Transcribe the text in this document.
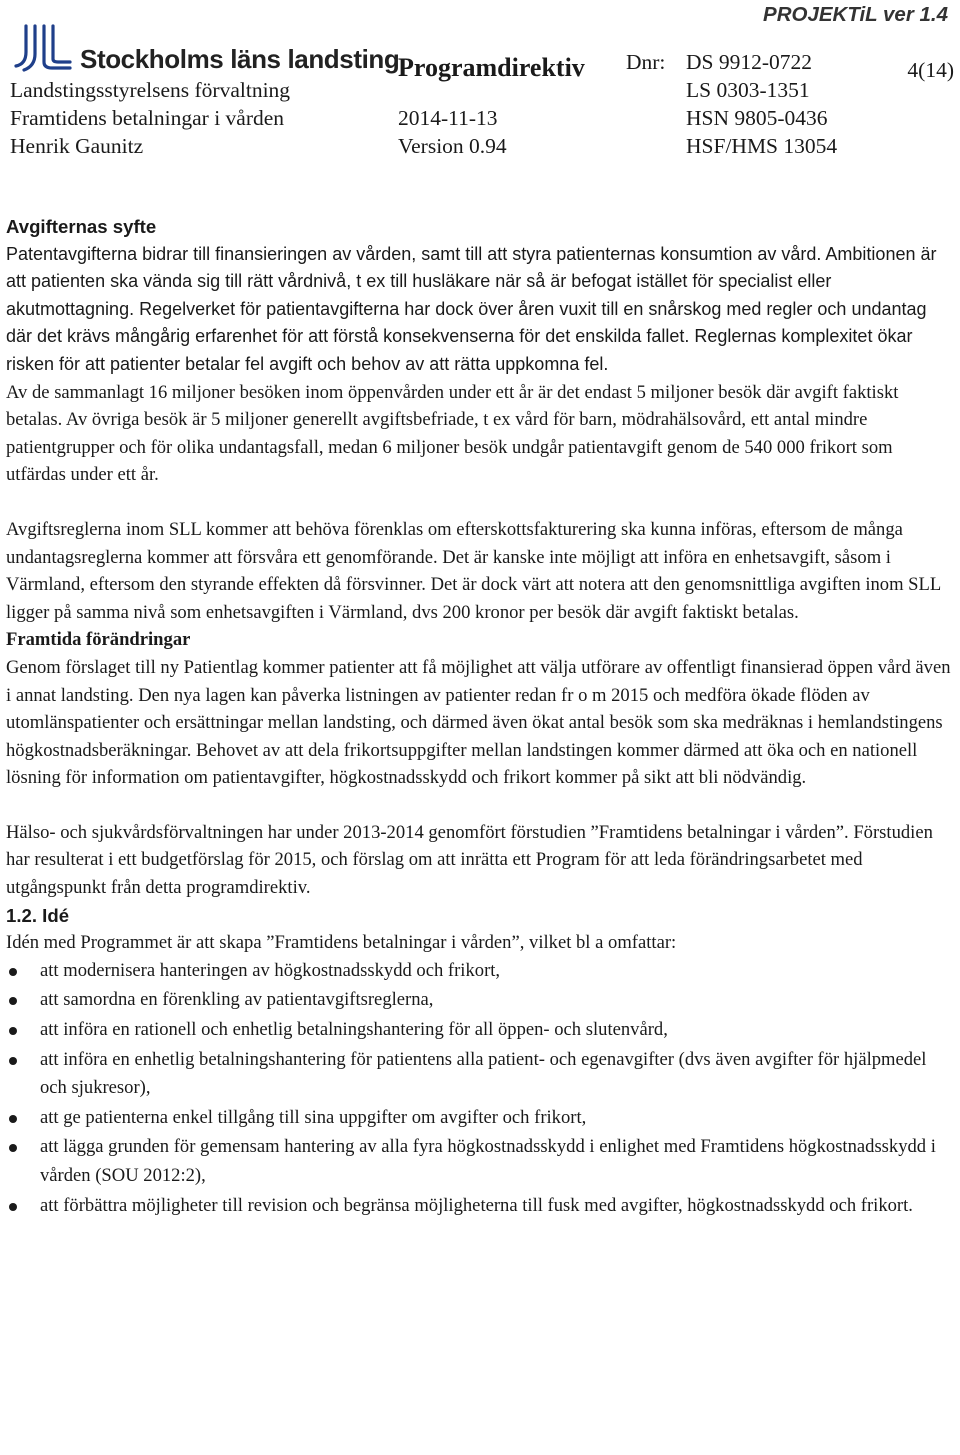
PROJEKTiL ver 1.4
Stockholms läns landsting
Programdirektiv Dnr: DS 9912-0722
LS 0303-1351
HSN 9805-0436
HSF/HMS 13054
4(14)
Landstingsstyrelsens förvaltning
Framtidens betalningar i vården
Henrik Gaunitz
2014-11-13
Version 0.94
Avgifternas syfte
Patentavgifterna bidrar till finansieringen av vården, samt till att styra patienternas konsumtion av vård. Ambitionen är att patienten ska vända sig till rätt vårdnivå, t ex till husläkare när så är befogat istället för specialist eller akutmottagning. Regelverket för patientavgifterna har dock över åren vuxit till en snårskog med regler och undantag där det krävs mångårig erfarenhet för att förstå konsekvenserna för det enskilda fallet. Reglernas komplexitet ökar risken för att patienter betalar fel avgift och behov av att rätta uppkomna fel.

Av de sammanlagt 16 miljoner besöken inom öppenvården under ett år är det endast 5 miljoner besök där avgift faktiskt betalas. Av övriga besök är 5 miljoner generellt avgiftsbefriade, t ex vård för barn, mödrahälsovård, ett antal mindre patientgrupper och för olika undantagsfall, medan 6 miljoner besök undgår patientavgift genom de 540 000 frikort som utfärdas under ett år.

Avgiftsreglerna inom SLL kommer att behöva förenklas om efterskottsfakturering ska kunna införas, eftersom de många undantagsreglerna kommer att försvåra ett genomförande. Det är kanske inte möjligt att införa en enhetsavgift, såsom i Värmland, eftersom den styrande effekten då försvinner. Det är dock värt att notera att den genomsnittliga avgiften inom SLL ligger på samma nivå som enhetsavgiften i Värmland, dvs 200 kronor per besök där avgift faktiskt betalas.

Framtida förändringar

Genom förslaget till ny Patientlag kommer patienter att få möjlighet att välja utförare av offentligt finansierad öppen vård även i annat landsting. Den nya lagen kan påverka listningen av patienter redan fr o m 2015 och medföra ökade flöden av utomlänspatienter och ersättningar mellan landsting, och därmed även ökat antal besök som ska medräknas i hemlandstingens högkostnadsberäkningar. Behovet av att dela frikortsuppgifter mellan landstingen kommer därmed att öka och en nationell lösning för information om patientavgifter, högkostnadsskydd och frikort kommer på sikt att bli nödvändig.

Hälso- och sjukvårdsförvaltningen har under 2013-2014 genomfört förstudien ”Framtidens betalningar i vården”. Förstudien har resulterat i ett budgetförslag för 2015, och förslag om att inrätta ett Program för att leda förändringsarbetet med utgångspunkt från detta programdirektiv.

1.2. Idé

Idén med Programmet är att skapa ”Framtidens betalningar i vården”, vilket bl a omfattar:

att modernisera hanteringen av högkostnadsskydd och frikort,
att samordna en förenkling av patientavgiftsreglerna,
att införa en rationell och enhetlig betalningshantering för all öppen- och slutenvård,
att införa en enhetlig betalningshantering för patientens alla patient- och egenavgifter (dvs även avgifter för hjälpmedel och sjukresor),
att ge patienterna enkel tillgång till sina uppgifter om avgifter och frikort,
att lägga grunden för gemensam hantering av alla fyra högkostnadsskydd i enlighet med Framtidens högkostnadsskydd i vården (SOU 2012:2),
att förbättra möjligheter till revision och begränsa möjligheterna till fusk med avgifter, högkostnadsskydd och frikort.
